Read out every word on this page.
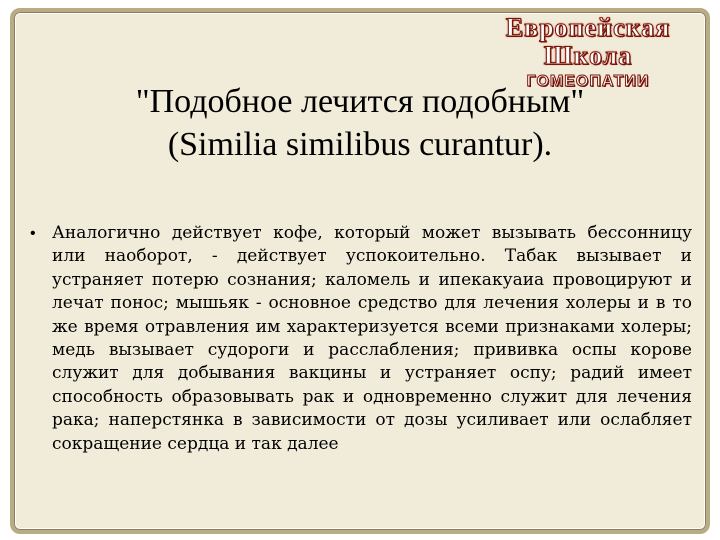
Европейская Школа
ГОМЕОПАТИИ
"Подобное лечится подобным"
(Similia similibus curantur).
• Аналогично действует кофе, который может вызывать бессонницу или наоборот, - действует успокоительно. Табак вызывает и устраняет потерю сознания; каломель и ипекакуаиа провоцируют и лечат понос; мышьяк - основное средство для лечения холеры и в то же время отравления им характеризуется всеми признаками холеры; медь вызывает судороги и расслабления; прививка оспы корове служит для добывания вакцины и устраняет оспу; радий имеет способность образовывать рак и одновременно служит для лечения рака; наперстянка в зависимости от дозы усиливает или ослабляет сокращение сердца и так далее
